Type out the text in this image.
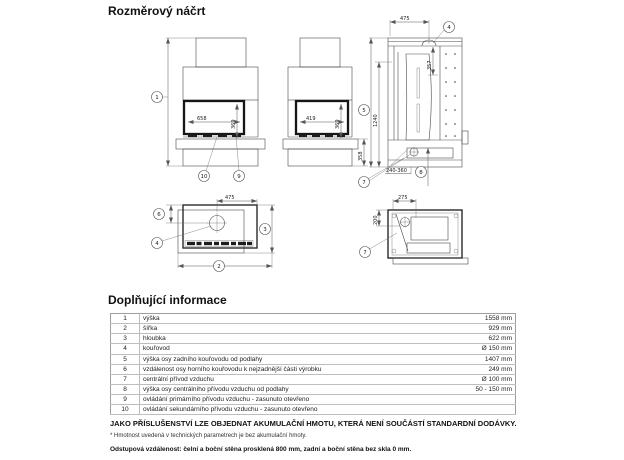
Rozměrový náčrt
658
369
1
10	9
419
369
358
475
4
357
5
1240
7
240-360 8
475
6
4
3
2
275
200
7
Doplňující informace
1	výška	1558 mm
2	šířka	929 mm
3	hloubka	622 mm
4	kouřovod	Ø 150 mm
5	výška osy zadního kouřovodu od podlahy	1407 mm
6	vzdálenost osy horního kouřovodu k nejzadnější části výrobku	249 mm
7	centrální přívod vzduchu	Ø 100 mm
8	výška osy centrálního přívodu vzduchu od podlahy	50 - 150 mm
9	ovládání primárního přívodu vzduchu - zasunuto otevřeno	
10	ovládání sekundárního přívodu vzduchu - zasunuto otevřeno	
JAKO PŘÍSLUŠENSTVÍ LZE OBJEDNAT AKUMULAČNÍ HMOTU, KTERÁ NENÍ SOUČÁSTÍ STANDARDNÍ DODÁVKY.
* Hmotnost uvedená v technických parametrech je bez akumulační hmoty.
Odstupová vzdálenost: čelní a boční stěna prosklená 800 mm, zadní a boční stěna bez skla 0 mm.
